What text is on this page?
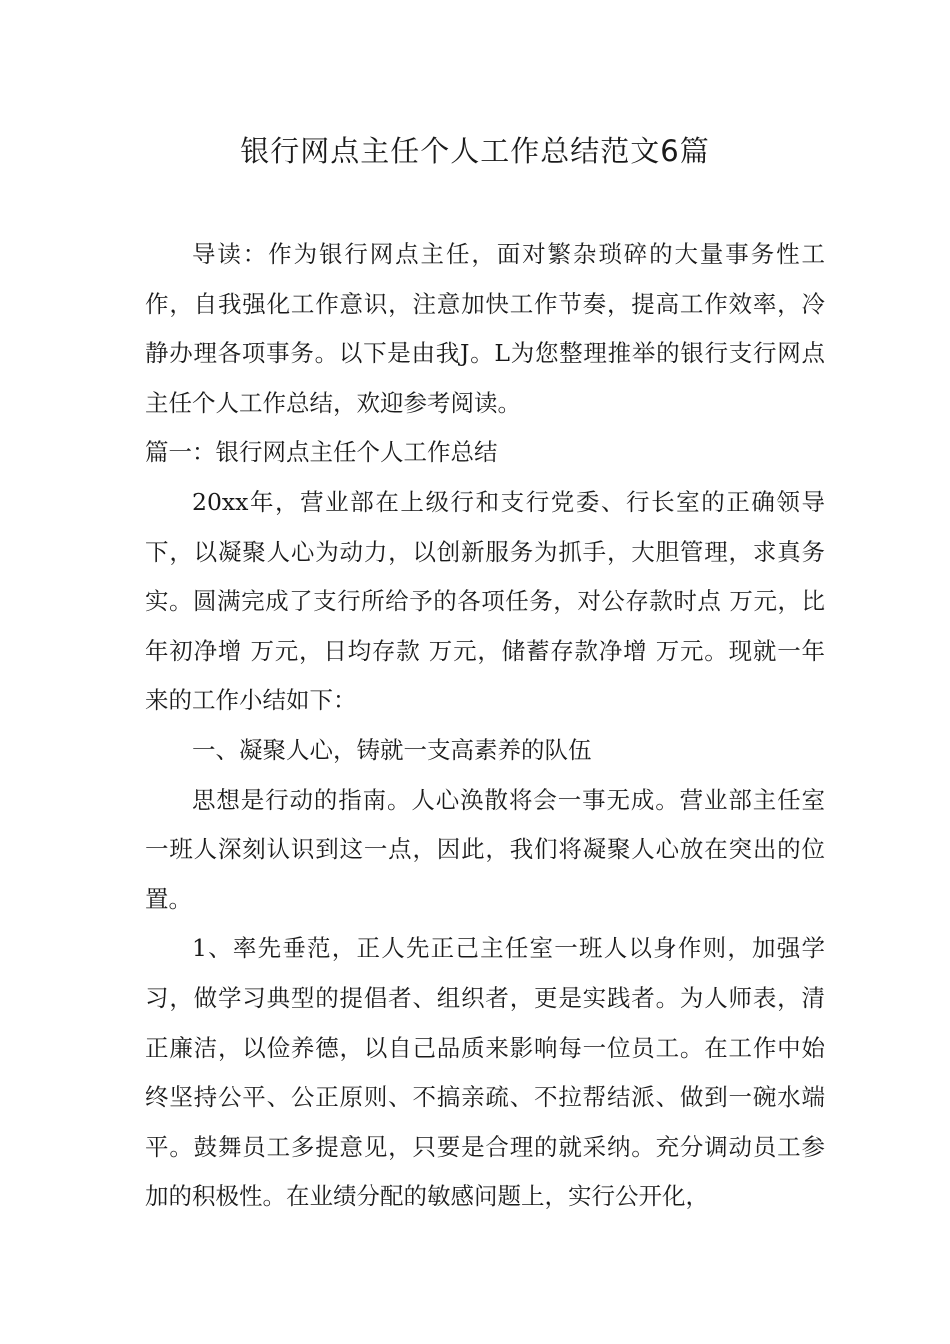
银行网点主任个人工作总结范文6篇

导读：作为银行网点主任，面对繁杂琐碎的大量事务性工作，自我强化工作意识，注意加快工作节奏，提高工作效率，冷静办理各项事务。以下是由我J。L为您整理推举的银行支行网点主任个人工作总结，欢迎参考阅读。

篇一：银行网点主任个人工作总结

20xx年，营业部在上级行和支行党委、行长室的正确领导下，以凝聚人心为动力，以创新服务为抓手，大胆管理，求真务实。圆满完成了支行所给予的各项任务，对公存款时点 万元，比年初净增 万元，日均存款 万元，储蓄存款净增 万元。现就一年来的工作小结如下：

一、凝聚人心，铸就一支高素养的队伍

思想是行动的指南。人心涣散将会一事无成。营业部主任室一班人深刻认识到这一点，因此，我们将凝聚人心放在突出的位置。

1、率先垂范，正人先正己主任室一班人以身作则，加强学习，做学习典型的提倡者、组织者，更是实践者。为人师表，清正廉洁，以俭养德，以自己品质来影响每一位员工。在工作中始终坚持公平、公正原则、不搞亲疏、不拉帮结派、做到一碗水端平。鼓舞员工多提意见，只要是合理的就采纳。充分调动员工参加的积极性。在业绩分配的敏感问题上，实行公开化，
